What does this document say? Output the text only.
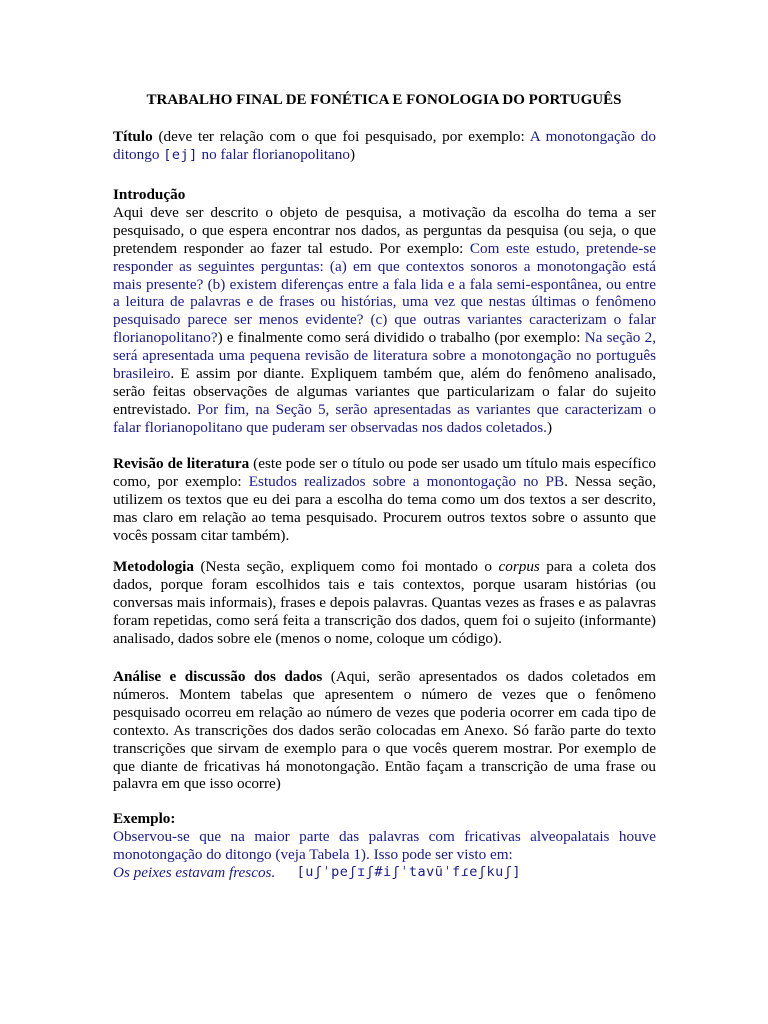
TRABALHO FINAL DE FONÉTICA E FONOLOGIA DO PORTUGUÊS

Título (deve ter relação com o que foi pesquisado, por exemplo: A monotongação do ditongo [ej] no falar florianopolitano)

Introdução
Aqui deve ser descrito o objeto de pesquisa, a motivação da escolha do tema a ser pesquisado, o que espera encontrar nos dados, as perguntas da pesquisa (ou seja, o que pretendem responder ao fazer tal estudo. Por exemplo: Com este estudo, pretende-se responder as seguintes perguntas: (a) em que contextos sonoros a monotongação está mais presente? (b) existem diferenças entre a fala lida e a fala semi-espontânea, ou entre a leitura de palavras e de frases ou histórias, uma vez que nestas últimas o fenômeno pesquisado parece ser menos evidente? (c) que outras variantes caracterizam o falar florianopolitano?) e finalmente como será dividido o trabalho (por exemplo: Na seção 2, será apresentada uma pequena revisão de literatura sobre a monotongação no português brasileiro. E assim por diante. Expliquem também que, além do fenômeno analisado, serão feitas observações de algumas variantes que particularizam o falar do sujeito entrevistado. Por fim, na Seção 5, serão apresentadas as variantes que caracterizam o falar florianopolitano que puderam ser observadas nos dados coletados.)

Revisão de literatura (este pode ser o título ou pode ser usado um título mais específico como, por exemplo: Estudos realizados sobre a monontogação no PB. Nessa seção, utilizem os textos que eu dei para a escolha do tema como um dos textos a ser descrito, mas claro em relação ao tema pesquisado. Procurem outros textos sobre o assunto que vocês possam citar também).

Metodologia (Nesta seção, expliquem como foi montado o corpus para a coleta dos dados, porque foram escolhidos tais e tais contextos, porque usaram histórias (ou conversas mais informais), frases e depois palavras. Quantas vezes as frases e as palavras foram repetidas, como será feita a transcrição dos dados, quem foi o sujeito (informante) analisado, dados sobre ele (menos o nome, coloque um código).

Análise e discussão dos dados (Aqui, serão apresentados os dados coletados em números. Montem tabelas que apresentem o número de vezes que o fenômeno pesquisado ocorreu em relação ao número de vezes que poderia ocorrer em cada tipo de contexto. As transcrições dos dados serão colocadas em Anexo. Só farão parte do texto transcrições que sirvam de exemplo para o que vocês querem mostrar. Por exemplo de que diante de fricativas há monotongação. Então façam a transcrição de uma frase ou palavra em que isso ocorre)

Exemplo:
Observou-se que na maior parte das palavras com fricativas alveopalatais houve monotongação do ditongo (veja Tabela 1). Isso pode ser visto em:
Os peixes estavam frescos. [uʃˈpeʃɪʃ#iʃˈtavũˈfɾeʃkuʃ]
